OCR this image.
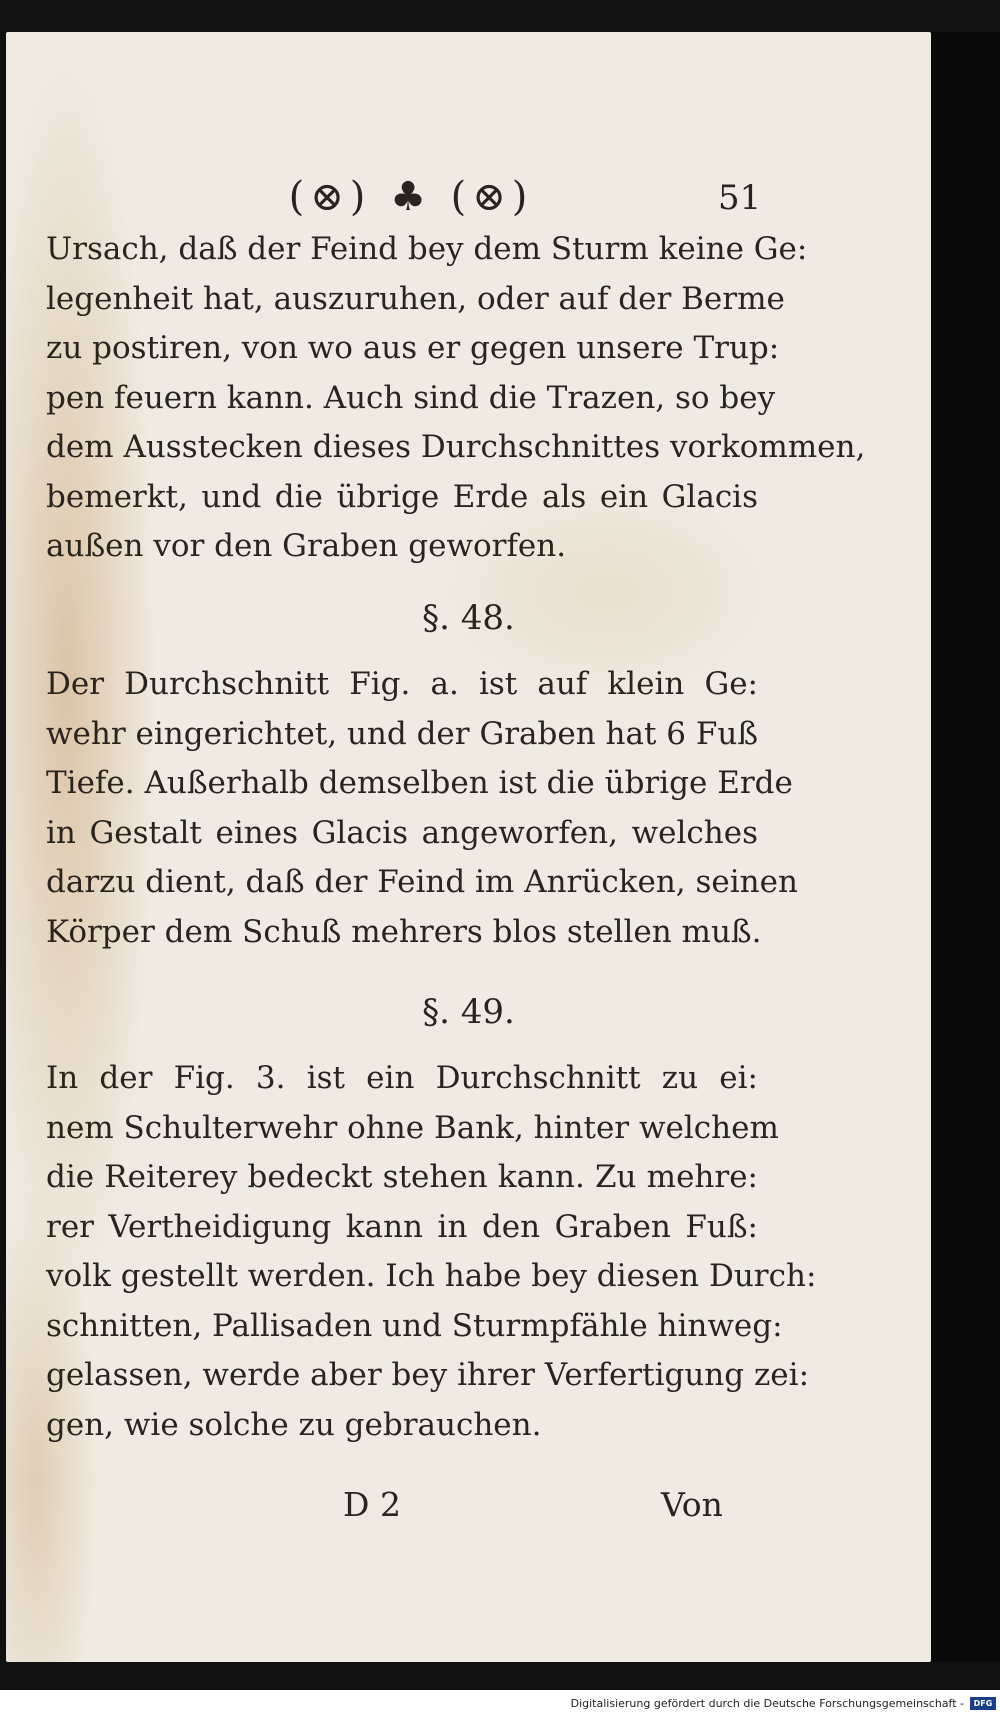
(⊗) ♣ (⊗)	51
Ursach, daß der Feind bey dem Sturm keine Ge:
legenheit hat, auszuruhen, oder auf der Berme
zu postiren, von wo aus er gegen unsere Trup:
pen feuern kann. Auch sind die Trazen, so bey
dem Ausstecken dieses Durchschnittes vorkommen,
bemerkt, und die übrige Erde als ein Glacis
außen vor den Graben geworfen.
§. 48.
Der Durchschnitt Fig. a. ist auf klein Ge:
wehr eingerichtet, und der Graben hat 6 Fuß
Tiefe. Außerhalb demselben ist die übrige Erde
in Gestalt eines Glacis angeworfen, welches
darzu dient, daß der Feind im Anrücken, seinen
Körper dem Schuß mehrers blos stellen muß.
§. 49.
In der Fig. 3. ist ein Durchschnitt zu ei:
nem Schulterwehr ohne Bank, hinter welchem
die Reiterey bedeckt stehen kann. Zu mehre:
rer Vertheidigung kann in den Graben Fuß:
volk gestellt werden. Ich habe bey diesen Durch:
schnitten, Pallisaden und Sturmpfähle hinweg:
gelassen, werde aber bey ihrer Verfertigung zei:
gen, wie solche zu gebrauchen.
D 2	Von
Digitalisierung gefördert durch die Deutsche Forschungsgemeinschaft -	DFG
